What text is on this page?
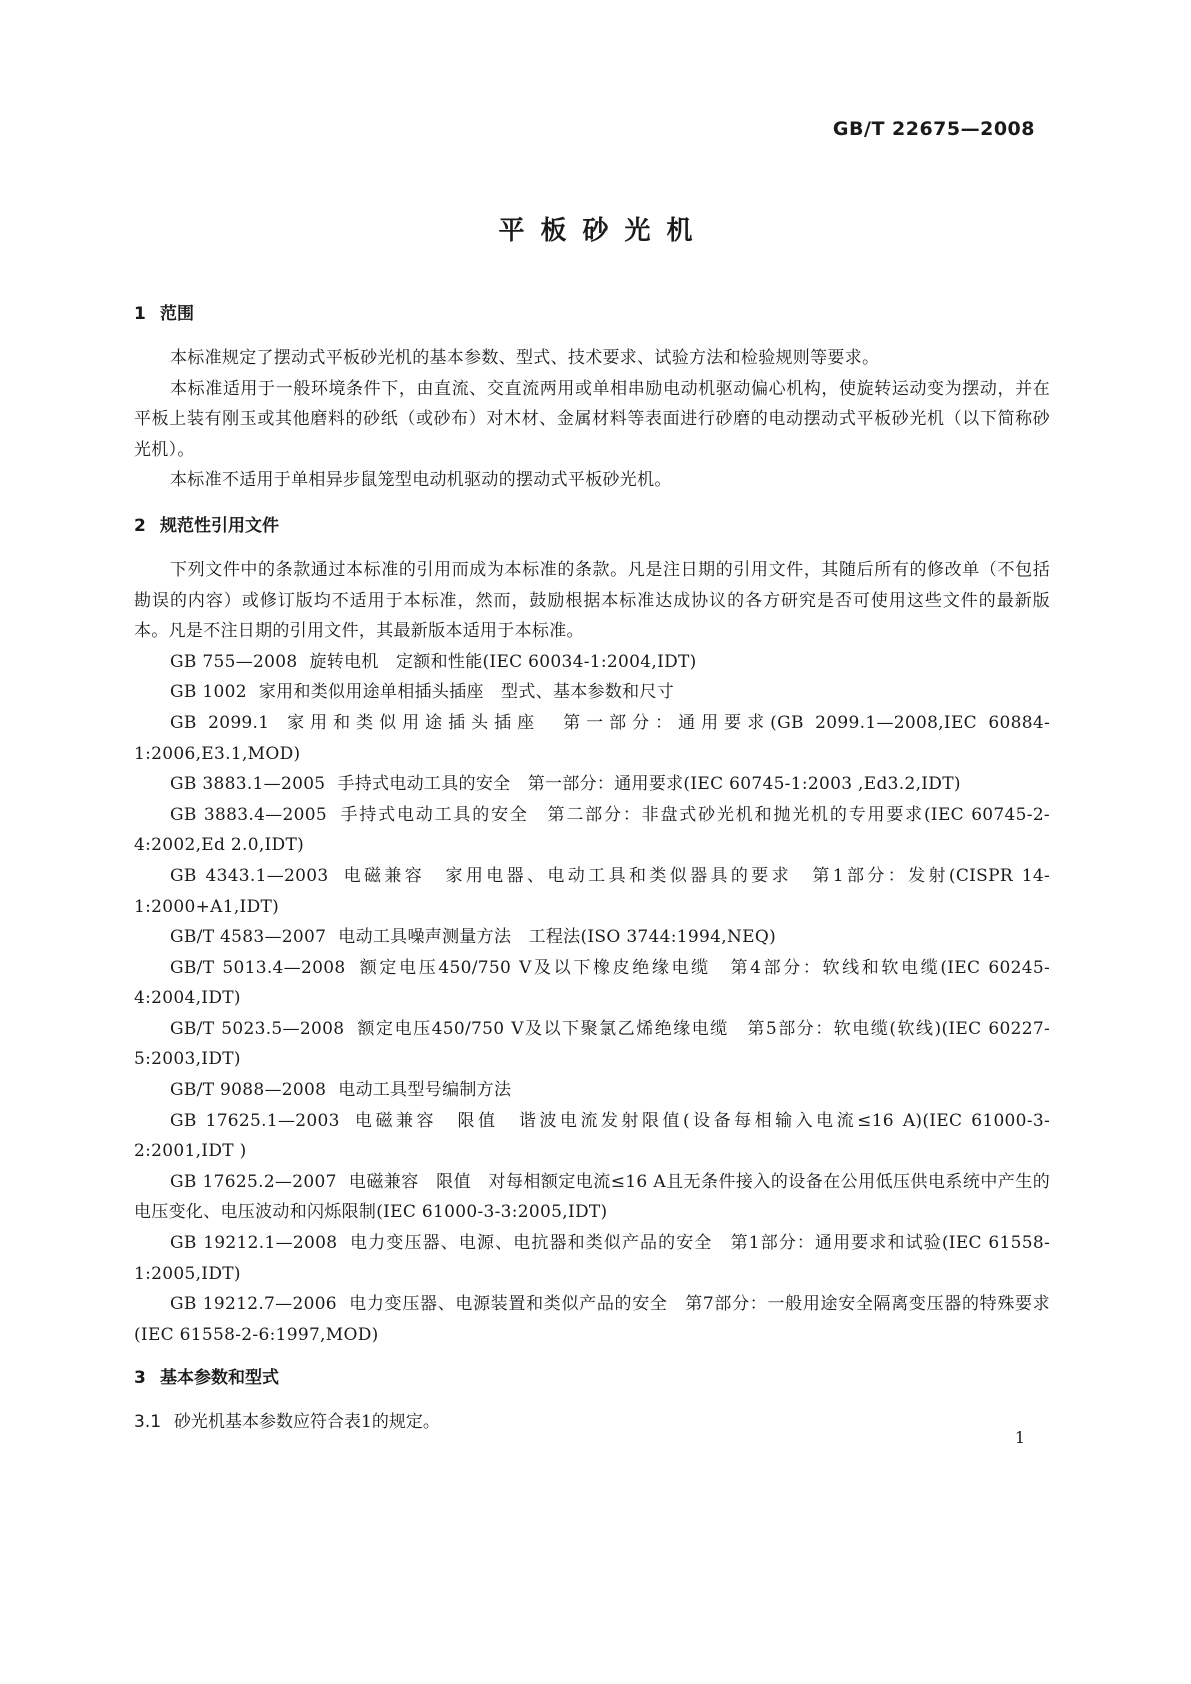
GB/T 22675—2008
平板砂光机
1 范围

本标准规定了摆动式平板砂光机的基本参数、型式、技术要求、试验方法和检验规则等要求。

本标准适用于一般环境条件下，由直流、交直流两用或单相串励电动机驱动偏心机构，使旋转运动变为摆动，并在平板上装有刚玉或其他磨料的砂纸（或砂布）对木材、金属材料等表面进行砂磨的电动摆动式平板砂光机（以下简称砂光机）。

本标准不适用于单相异步鼠笼型电动机驱动的摆动式平板砂光机。

2 规范性引用文件

下列文件中的条款通过本标准的引用而成为本标准的条款。凡是注日期的引用文件，其随后所有的修改单（不包括勘误的内容）或修订版均不适用于本标准，然而，鼓励根据本标准达成协议的各方研究是否可使用这些文件的最新版本。凡是不注日期的引用文件，其最新版本适用于本标准。

GB 755—2008 旋转电机　定额和性能(IEC 60034-1:2004,IDT)

GB 1002 家用和类似用途单相插头插座　型式、基本参数和尺寸

GB 2099.1 家用和类似用途插头插座　第一部分：通用要求(GB 2099.1—2008,IEC 60884-1:2006,E3.1,MOD)

GB 3883.1—2005 手持式电动工具的安全　第一部分：通用要求(IEC 60745-1:2003 ,Ed3.2,IDT)

GB 3883.4—2005 手持式电动工具的安全　第二部分：非盘式砂光机和抛光机的专用要求(IEC 60745-2-4:2002,Ed 2.0,IDT)

GB 4343.1—2003 电磁兼容　家用电器、电动工具和类似器具的要求　第1部分：发射(CISPR 14-1:2000+A1,IDT)

GB/T 4583—2007 电动工具噪声测量方法　工程法(ISO 3744:1994,NEQ)

GB/T 5013.4—2008 额定电压450/750 V及以下橡皮绝缘电缆　第4部分：软线和软电缆(IEC 60245-4:2004,IDT)

GB/T 5023.5—2008 额定电压450/750 V及以下聚氯乙烯绝缘电缆　第5部分：软电缆(软线)(IEC 60227-5:2003,IDT)

GB/T 9088—2008 电动工具型号编制方法

GB 17625.1—2003 电磁兼容　限值　谐波电流发射限值(设备每相输入电流≤16 A)(IEC 61000-3-2:2001,IDT )

GB 17625.2—2007 电磁兼容　限值　对每相额定电流≤16 A且无条件接入的设备在公用低压供电系统中产生的电压变化、电压波动和闪烁限制(IEC 61000-3-3:2005,IDT)

GB 19212.1—2008 电力变压器、电源、电抗器和类似产品的安全　第1部分：通用要求和试验(IEC 61558-1:2005,IDT)

GB 19212.7—2006 电力变压器、电源装置和类似产品的安全　第7部分：一般用途安全隔离变压器的特殊要求(IEC 61558-2-6:1997,MOD)

3 基本参数和型式

3.1 砂光机基本参数应符合表1的规定。

1
